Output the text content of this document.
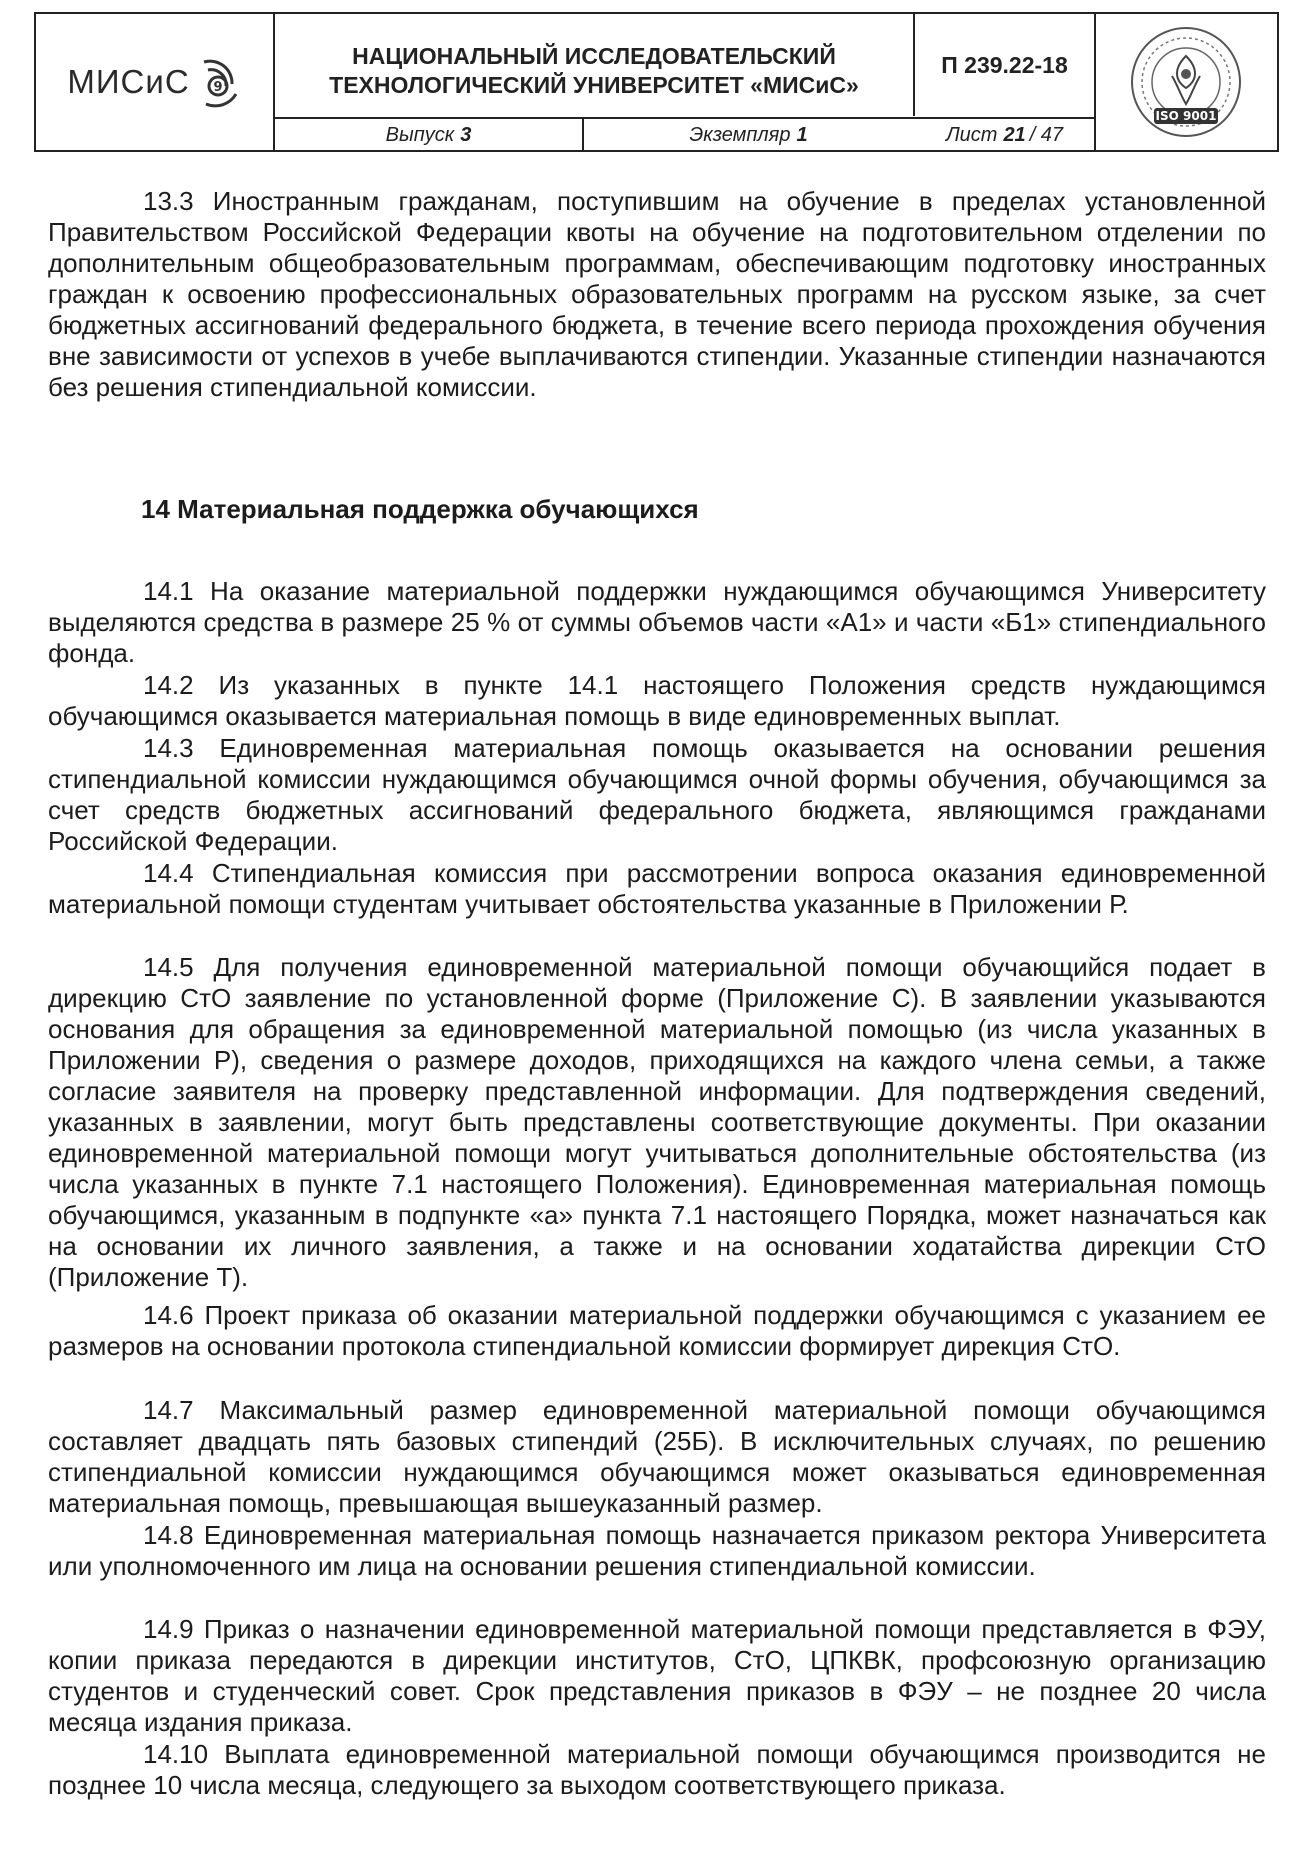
МИСиС 9
НАЦИОНАЛЬНЫЙ ИССЛЕДОВАТЕЛЬСКИЙ
ТЕХНОЛОГИЧЕСКИЙ УНИВЕРСИТЕТ «МИСиС»
П 239.22-18
Выпуск 3	Экземпляр 1	Лист 21 / 47
ISO 9001

13.3 Иностранным гражданам, поступившим на обучение в пределах установленной Правительством Российской Федерации квоты на обучение на подготовительном отделении по дополнительным общеобразовательным программам, обеспечивающим подготовку иностранных граждан к освоению профессиональных образовательных программ на русском языке, за счет бюджетных ассигнований федерального бюджета, в течение всего периода прохождения обучения вне зависимости от успехов в учебе выплачиваются стипендии. Указанные стипендии назначаются без решения стипендиальной комиссии.

14 Материальная поддержка обучающихся

14.1 На оказание материальной поддержки нуждающимся обучающимся Университету выделяются средства в размере 25 % от суммы объемов части «А1» и части «Б1» стипендиального фонда.

14.2 Из указанных в пункте 14.1 настоящего Положения средств нуждающимся обучающимся оказывается материальная помощь в виде единовременных выплат.

14.3 Единовременная материальная помощь оказывается на основании решения стипендиальной комиссии нуждающимся обучающимся очной формы обучения, обучающимся за счет средств бюджетных ассигнований федерального бюджета, являющимся гражданами Российской Федерации.

14.4 Стипендиальная комиссия при рассмотрении вопроса оказания единовременной материальной помощи студентам учитывает обстоятельства указанные в Приложении Р.

14.5 Для получения единовременной материальной помощи обучающийся подает в дирекцию СтО заявление по установленной форме (Приложение С). В заявлении указываются основания для обращения за единовременной материальной помощью (из числа указанных в Приложении Р), сведения о размере доходов, приходящихся на каждого члена семьи, а также согласие заявителя на проверку представленной информации. Для подтверждения сведений, указанных в заявлении, могут быть представлены соответствующие документы. При оказании единовременной материальной помощи могут учитываться дополнительные обстоятельства (из числа указанных в пункте 7.1 настоящего Положения). Единовременная материальная помощь обучающимся, указанным в подпункте «а» пункта 7.1 настоящего Порядка, может назначаться как на основании их личного заявления, а также и на основании ходатайства дирекции СтО (Приложение Т).

14.6 Проект приказа об оказании материальной поддержки обучающимся с указанием ее размеров на основании протокола стипендиальной комиссии формирует дирекция СтО.

14.7 Максимальный размер единовременной материальной помощи обучающимся составляет двадцать пять базовых стипендий (25Б). В исключительных случаях, по решению стипендиальной комиссии нуждающимся обучающимся может оказываться единовременная материальная помощь, превышающая вышеуказанный размер.

14.8 Единовременная материальная помощь назначается приказом ректора Университета или уполномоченного им лица на основании решения стипендиальной комиссии.

14.9 Приказ о назначении единовременной материальной помощи представляется в ФЭУ, копии приказа передаются в дирекции институтов, СтО, ЦПКВК, профсоюзную организацию студентов и студенческий совет. Срок представления приказов в ФЭУ – не позднее 20 числа месяца издания приказа.

14.10 Выплата единовременной материальной помощи обучающимся производится не позднее 10 числа месяца, следующего за выходом соответствующего приказа.
